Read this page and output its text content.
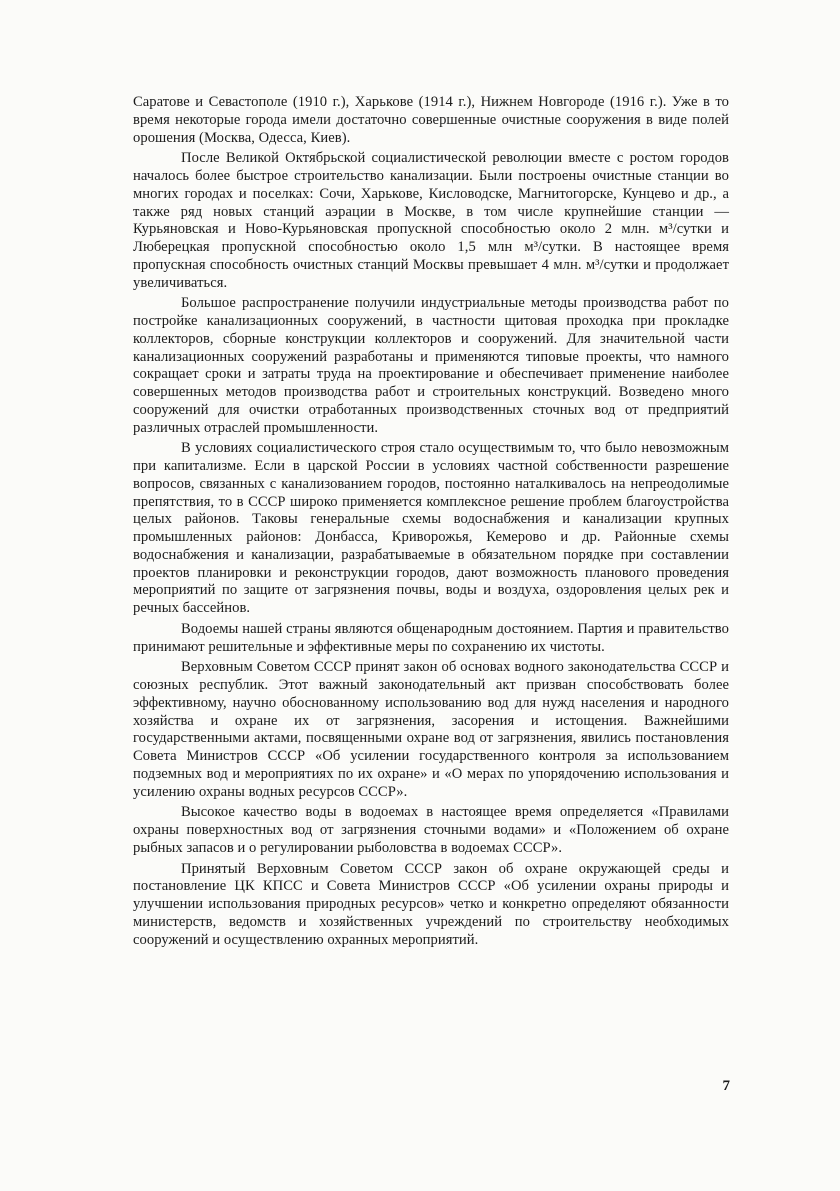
Саратове и Севастополе (1910 г.), Харькове (1914 г.), Нижнем Новгороде (1916 г.). Уже в то время некоторые города имели достаточно совершенные очистные сооружения в виде полей орошения (Москва, Одесса, Киев).

После Великой Октябрьской социалистической революции вместе с ростом городов началось более быстрое строительство канализации. Были построены очистные станции во многих городах и поселках: Сочи, Харькове, Кисловодске, Магнитогорске, Кунцево и др., а также ряд новых станций аэрации в Москве, в том числе крупнейшие станции — Курьяновская и Ново-Курьяновская пропускной способностью около 2 млн. м³/сутки и Люберецкая пропускной способностью около 1,5 млн м³/сутки. В настоящее время пропускная способность очистных станций Москвы превышает 4 млн. м³/сутки и продолжает увеличиваться.

Большое распространение получили индустриальные методы производства работ по постройке канализационных сооружений, в частности щитовая проходка при прокладке коллекторов, сборные конструкции коллекторов и сооружений. Для значительной части канализационных сооружений разработаны и применяются типовые проекты, что намного сокращает сроки и затраты труда на проектирование и обеспечивает применение наиболее совершенных методов производства работ и строительных конструкций. Возведено много сооружений для очистки отработанных производственных сточных вод от предприятий различных отраслей промышленности.

В условиях социалистического строя стало осуществимым то, что было невозможным при капитализме. Если в царской России в условиях частной собственности разрешение вопросов, связанных с канализованием городов, постоянно наталкивалось на непреодолимые препятствия, то в СССР широко применяется комплексное решение проблем благоустройства целых районов. Таковы генеральные схемы водоснабжения и канализации крупных промышленных районов: Донбасса, Криворожья, Кемерово и др. Районные схемы водоснабжения и канализации, разрабатываемые в обязательном порядке при составлении проектов планировки и реконструкции городов, дают возможность планового проведения мероприятий по защите от загрязнения почвы, воды и воздуха, оздоровления целых рек и речных бассейнов.

Водоемы нашей страны являются общенародным достоянием. Партия и правительство принимают решительные и эффективные меры по сохранению их чистоты.

Верховным Советом СССР принят закон об основах водного законодательства СССР и союзных республик. Этот важный законодательный акт призван способствовать более эффективному, научно обоснованному использованию вод для нужд населения и народного хозяйства и охране их от загрязнения, засорения и истощения. Важнейшими государственными актами, посвященными охране вод от загрязнения, явились постановления Совета Министров СССР «Об усилении государственного контроля за использованием подземных вод и мероприятиях по их охране» и «О мерах по упорядочению использования и усилению охраны водных ресурсов СССР».

Высокое качество воды в водоемах в настоящее время определяется «Правилами охраны поверхностных вод от загрязнения сточными водами» и «Положением об охране рыбных запасов и о регулировании рыболовства в водоемах СССР».

Принятый Верховным Советом СССР закон об охране окружающей среды и постановление ЦК КПСС и Совета Министров СССР «Об усилении охраны природы и улучшении использования природных ресурсов» четко и конкретно определяют обязанности министерств, ведомств и хозяйственных учреждений по строительству необходимых сооружений и осуществлению охранных мероприятий.

7
